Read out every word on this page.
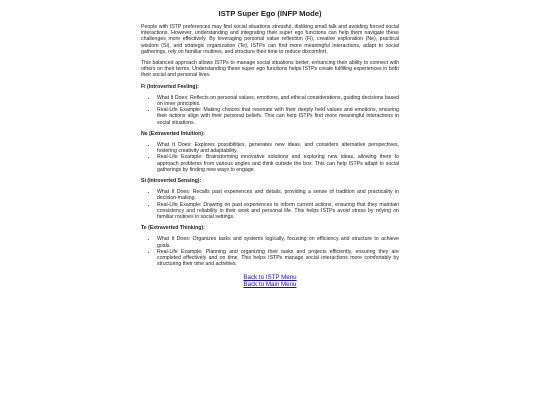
ISTP Super Ego (INFP Mode)

People with ISTP preferences may find social situations stressful, disliking small talk and avoiding forced social interactions. However, understanding and integrating their super ego functions can help them navigate these challenges more effectively. By leveraging personal value reflection (Fi), creative exploration (Ne), practical wisdom (Si), and strategic organization (Te), ISTPs can find more meaningful interactions, adapt to social gatherings, rely on familiar routines, and structure their time to reduce discomfort.

This balanced approach allows ISTPs to manage social situations better, enhancing their ability to connect with others on their terms. Understanding these super ego functions helps ISTPs create fulfilling experiences in both their social and personal lives.

Fi (Introverted Feeling):
• What It Does: Reflects on personal values, emotions, and ethical considerations, guiding decisions based on inner principles.
• Real-Life Example: Making choices that resonate with their deeply held values and emotions, ensuring their actions align with their personal beliefs. This can help ISTPs find more meaningful interactions in social situations.
Ne (Extraverted Intuition):
• What It Does: Explores possibilities, generates new ideas, and considers alternative perspectives, fostering creativity and adaptability.
• Real-Life Example: Brainstorming innovative solutions and exploring new ideas, allowing them to approach problems from various angles and think outside the box. This can help ISTPs adapt to social gatherings by finding new ways to engage.
Si (Introverted Sensing):
• What It Does: Recalls past experiences and details, providing a sense of tradition and practicality in decision-making.
• Real-Life Example: Drawing on past experiences to inform current actions, ensuring that they maintain consistency and reliability in their work and personal life. This helps ISTPs avoid stress by relying on familiar routines in social settings.
Te (Extraverted Thinking):
• What It Does: Organizes tasks and systems logically, focusing on efficiency and structure to achieve goals.
• Real-Life Example: Planning and organizing their tasks and projects efficiently, ensuring they are completed effectively and on time. This helps ISTPs manage social interactions more comfortably by structuring their time and activities.
Back to ISTP Menu
Back to Main Menu
